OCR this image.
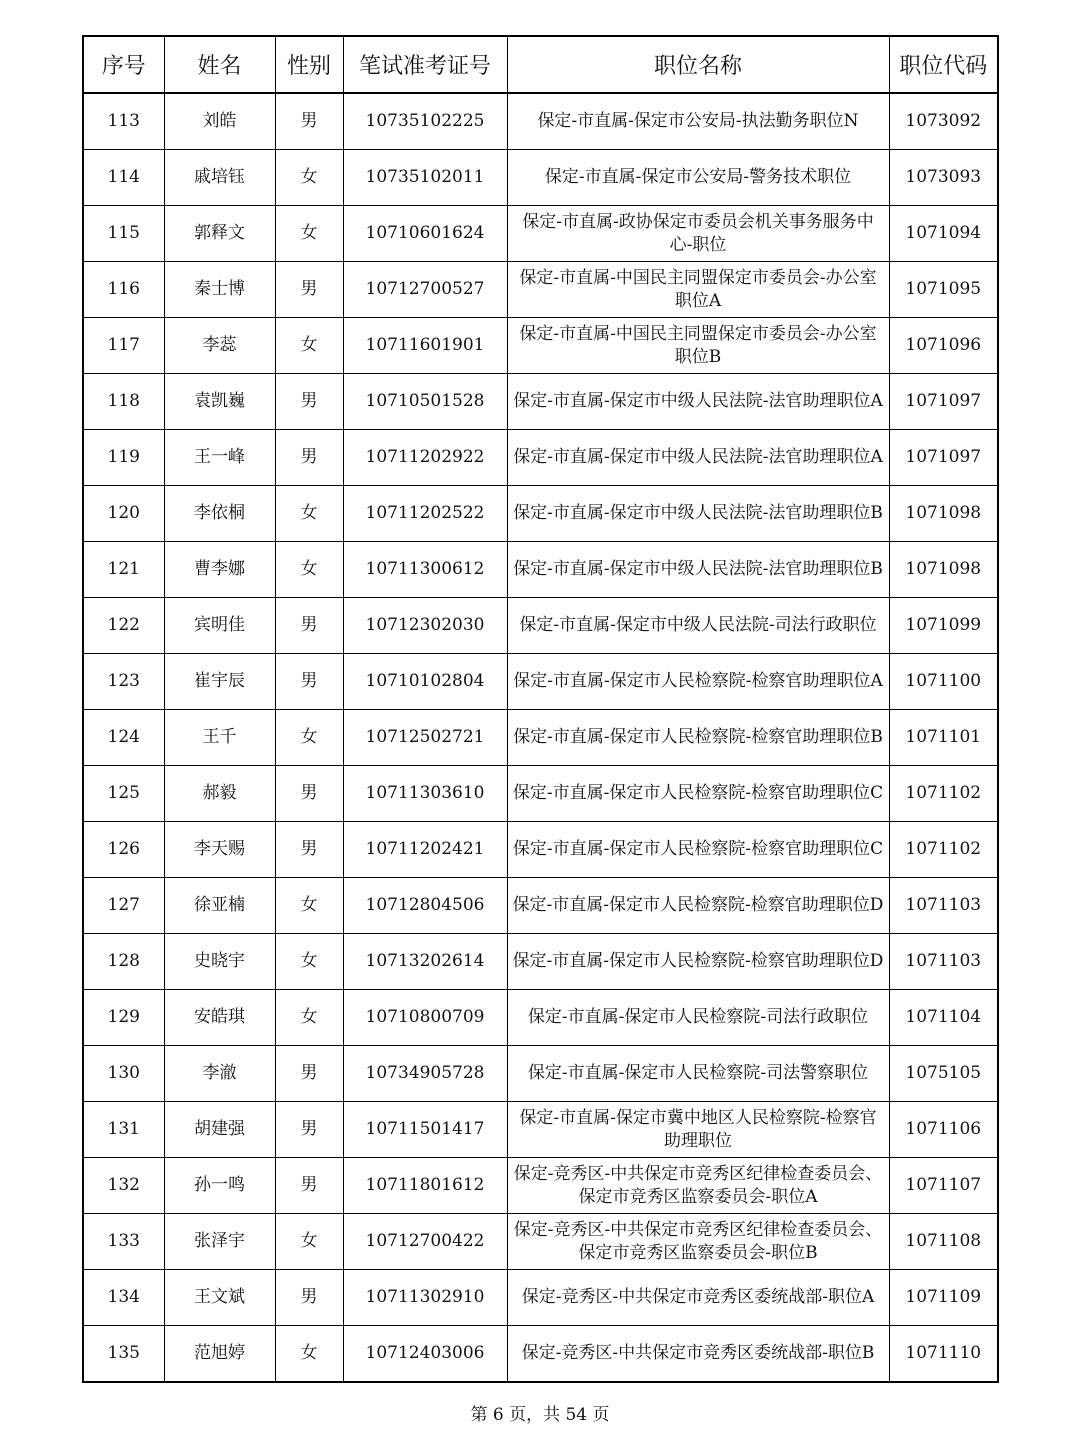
序号	姓名	性别	笔试准考证号	职位名称	职位代码
113	刘皓	男	10735102225	保定-市直属-保定市公安局-执法勤务职位N	1073092
114	戚培钰	女	10735102011	保定-市直属-保定市公安局-警务技术职位	1073093
115	郭释文	女	10710601624	保定-市直属-政协保定市委员会机关事务服务中心-职位	1071094
116	秦士博	男	10712700527	保定-市直属-中国民主同盟保定市委员会-办公室职位A	1071095
117	李蕊	女	10711601901	保定-市直属-中国民主同盟保定市委员会-办公室职位B	1071096
118	袁凯巍	男	10710501528	保定-市直属-保定市中级人民法院-法官助理职位A	1071097
119	王一峰	男	10711202922	保定-市直属-保定市中级人民法院-法官助理职位A	1071097
120	李依桐	女	10711202522	保定-市直属-保定市中级人民法院-法官助理职位B	1071098
121	曹李娜	女	10711300612	保定-市直属-保定市中级人民法院-法官助理职位B	1071098
122	宾明佳	男	10712302030	保定-市直属-保定市中级人民法院-司法行政职位	1071099
123	崔宇辰	男	10710102804	保定-市直属-保定市人民检察院-检察官助理职位A	1071100
124	王千	女	10712502721	保定-市直属-保定市人民检察院-检察官助理职位B	1071101
125	郝毅	男	10711303610	保定-市直属-保定市人民检察院-检察官助理职位C	1071102
126	李天赐	男	10711202421	保定-市直属-保定市人民检察院-检察官助理职位C	1071102
127	徐亚楠	女	10712804506	保定-市直属-保定市人民检察院-检察官助理职位D	1071103
128	史晓宇	女	10713202614	保定-市直属-保定市人民检察院-检察官助理职位D	1071103
129	安皓琪	女	10710800709	保定-市直属-保定市人民检察院-司法行政职位	1071104
130	李澈	男	10734905728	保定-市直属-保定市人民检察院-司法警察职位	1075105
131	胡建强	男	10711501417	保定-市直属-保定市冀中地区人民检察院-检察官助理职位	1071106
132	孙一鸣	男	10711801612	保定-竞秀区-中共保定市竞秀区纪律检查委员会、保定市竞秀区监察委员会-职位A	1071107
133	张泽宇	女	10712700422	保定-竞秀区-中共保定市竞秀区纪律检查委员会、保定市竞秀区监察委员会-职位B	1071108
134	王文斌	男	10711302910	保定-竞秀区-中共保定市竞秀区委统战部-职位A	1071109
135	范旭婷	女	10712403006	保定-竞秀区-中共保定市竞秀区委统战部-职位B	1071110
第 6 页，共 54 页
